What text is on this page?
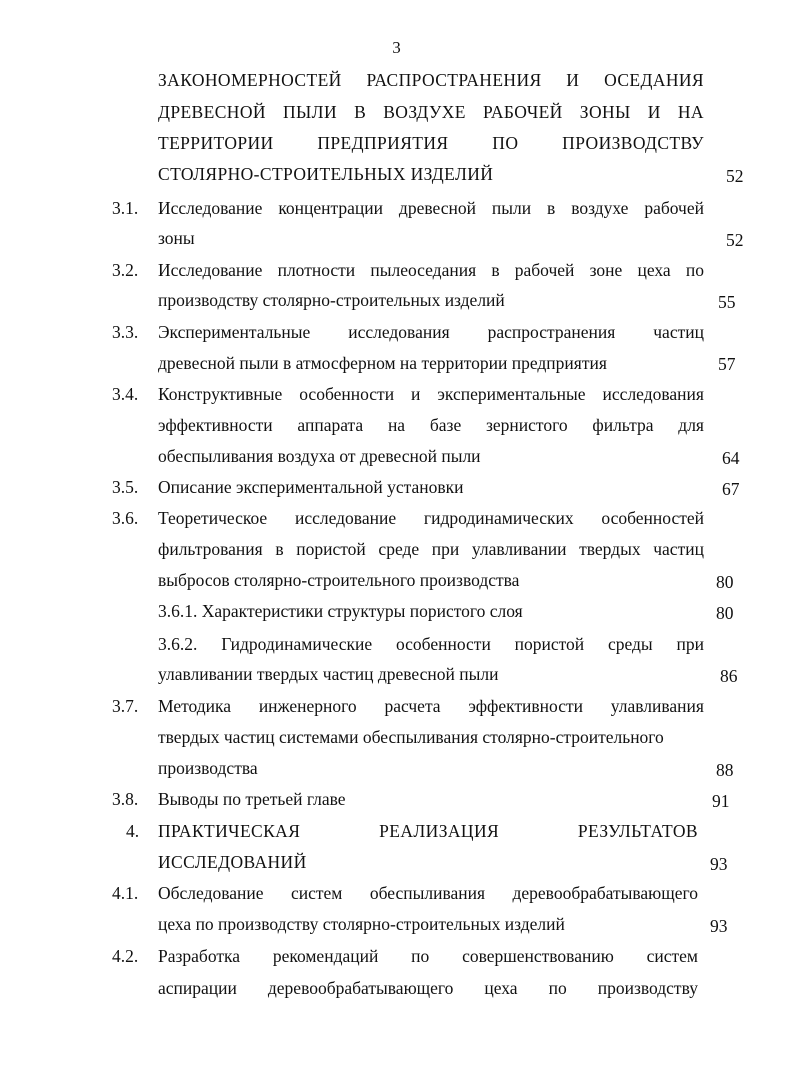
3
ЗАКОНОМЕРНОСТЕЙ РАСПРОСТРАНЕНИЯ И ОСЕДАНИЯ
ДРЕВЕСНОЙ ПЫЛИ В ВОЗДУХЕ РАБОЧЕЙ ЗОНЫ И НА
ТЕРРИТОРИИ	ПРЕДПРИЯТИЯ	ПО	ПРОИЗВОДСТВУ
СТОЛЯРНО-СТРОИТЕЛЬНЫХ ИЗДЕЛИЙ	52
3.1. Исследование концентрации древесной пыли в воздухе рабочей
зоны	52
3.2. Исследование плотности пылеоседания в рабочей зоне цеха по
производству столярно-строительных изделий	55
3.3. Экспериментальные исследования распространения частиц
древесной пыли в атмосферном на территории предприятия	57
3.4. Конструктивные особенности и экспериментальные исследования
эффективности аппарата на базе зернистого фильтра для
обеспыливания воздуха от древесной пыли	64
3.5. Описание экспериментальной установки	67
3.6. Теоретическое исследование гидродинамических особенностей
фильтрования в пористой среде при улавливании твердых частиц
выбросов столярно-строительного производства	80
3.6.1. Характеристики структуры пористого слоя	80
3.6.2. Гидродинамические особенности пористой среды при
улавливании твердых частиц древесной пыли	86
3.7. Методика инженерного расчета эффективности улавливания
твердых частиц системами обеспыливания столярно-строительного
производства	88
3.8. Выводы по третьей главе	91
4. ПРАКТИЧЕСКАЯ	РЕАЛИЗАЦИЯ	РЕЗУЛЬТАТОВ
ИССЛЕДОВАНИЙ	93
4.1. Обследование систем обеспыливания деревообрабатывающего
цеха по производству столярно-строительных изделий	93
4.2. Разработка рекомендаций по совершенствованию систем
аспирации деревообрабатывающего цеха по производству
